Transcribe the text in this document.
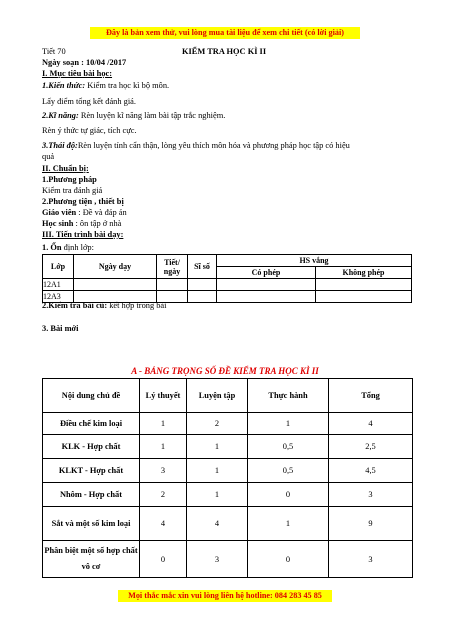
Đây là bản xem thử, vui lòng mua tài liệu để xem chi tiết (có lời giải)
Tiết 70	KIỂM TRA HỌC KÌ II
Ngày soạn : 10/04 /2017
I. Mục tiêu bài học:
1.Kiến thức: Kiểm tra học kì bộ môn.
Lấy điểm tổng kết đánh giá.
2.Kĩ năng: Rèn luyện kĩ năng làm bài tập trắc nghiệm.
Rèn ý thức tự giác, tích cực.
3.Thái độ:Rèn luyện tính cẩn thận, lòng yêu thích môn hóa và phương pháp học tập có hiệu
quả
II. Chuẩn bị:
1.Phương pháp
Kiểm tra đánh giá
2.Phương tiện , thiết bị
Giáo viên : Đề và đáp án
Học sinh : ôn tập ở nhà
III. Tiến trình bài dạy:
1. Ổn định lớp:
Lớp	Ngày dạy	Tiết/ ngày	Sĩ số	HS vắng	
				Có phép	Không phép
12A1					
12A3					
2.Kiểm tra bài cũ: kết hợp trong bài
3. Bài mới
A - BẢNG TRỌNG SỐ ĐỀ KIỂM TRA HỌC KÌ II
Nội dung chủ đề	Lý thuyết	Luyện tập	Thực hành	Tổng
Điều chế kim loại	1	2	1	4
KLK - Hợp chất	1	1	0,5	2,5
KLKT - Hợp chất	3	1	0,5	4,5
Nhôm - Hợp chất	2	1	0	3
Sắt và một số kim loại	4	4	1	9
Phân biệt một số hợp chất vô cơ	0	3	0	3
Mọi thắc mắc xin vui lòng liên hệ hotline: 084 283 45 85
